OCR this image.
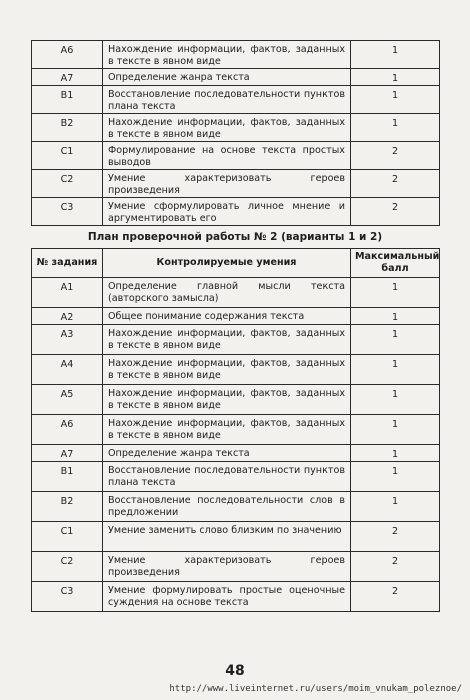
А6	Нахождение информации, фактов, заданных в тексте в явном виде	1
А7	Определение жанра текста	1
В1	Восстановление последовательности пунктов плана текста	1
В2	Нахождение информации, фактов, заданных в тексте в явном виде	1
С1	Формулирование на основе текста простых выводов	2
С2	Умение характеризовать героев произведения	2
С3	Умение сформулировать личное мнение и аргументировать его	2
План проверочной работы № 2 (варианты 1 и 2)
№ задания	Контролируемые умения	Максимальный балл
А1	Определение главной мысли текста (авторского замысла)	1
А2	Общее понимание содержания текста	1
А3	Нахождение информации, фактов, заданных в тексте в явном виде	1
А4	Нахождение информации, фактов, заданных в тексте в явном виде	1
А5	Нахождение информации, фактов, заданных в тексте в явном виде	1
А6	Нахождение информации, фактов, заданных в тексте в явном виде	1
А7	Определение жанра текста	1
В1	Восстановление последовательности пунктов плана текста	1
В2	Восстановление последовательности слов в предложении	1
С1	Умение заменить слово близким по значению	2
С2	Умение характеризовать героев произведения	2
С3	Умение формулировать простые оценочные суждения на основе текста	2
48
http://www.liveinternet.ru/users/moim_vnukam_poleznoe/
